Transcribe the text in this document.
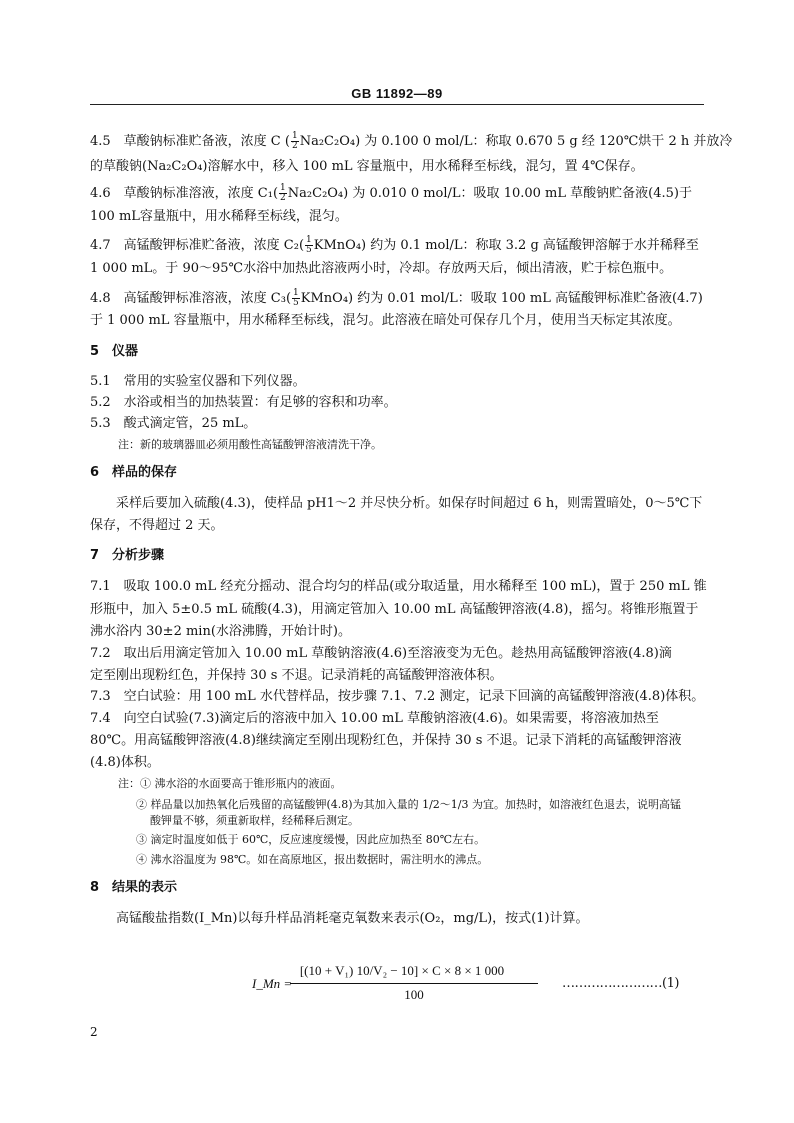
GB 11892—89
4.5　草酸钠标准贮备液，浓度 C ( $\frac{1}{2} Na_2C_2O_4$) 为 0.100 0 mol/L：称取 0.670 5 g 经 120℃烘干 2 h 并放冷
的草酸钠(Na₂C₂O₄)溶解水中，移入 100 mL 容量瓶中，用水稀释至标线，混匀，置 4℃保存。
4.6　草酸钠标准溶液，浓度 $C_1( \frac{1}{2} Na_2C_2O_4)$ 为 0.010 0 mol/L：吸取 10.00 mL 草酸钠贮备液(4.5)于
100 mL容量瓶中，用水稀释至标线，混匀。
4.7　高锰酸钾标准贮备液，浓度 $C_2( \frac{1}{5}$ KMnO₄) 约为 0.1 mol/L：称取 3.2 g 高锰酸钾溶解于水并稀释至
1 000 mL。于 90～95℃水浴中加热此溶液两小时，冷却。存放两天后，倾出清液，贮于棕色瓶中。
4.8　高锰酸钾标准溶液，浓度 $C_3( \frac{1}{5}$ KMnO₄) 约为 0.01 mol/L：吸取 100 mL 高锰酸钾标准贮备液(4.7)
于 1 000 mL 容量瓶中，用水稀释至标线，混匀。此溶液在暗处可保存几个月，使用当天标定其浓度。
5　仪器
5.1　常用的实验室仪器和下列仪器。
5.2　水浴或相当的加热装置：有足够的容积和功率。
5.3　酸式滴定管，25 mL。
注：新的玻璃器皿必须用酸性高锰酸钾溶液清洗干净。
6　样品的保存
　　采样后要加入硫酸(4.3)，使样品 pH1～2 并尽快分析。如保存时间超过 6 h，则需置暗处，0～5℃下
保存，不得超过 2 天。
7　分析步骤
7.1　吸取 100.0 mL 经充分摇动、混合均匀的样品(或分取适量，用水稀释至 100 mL)，置于 250 mL 锥
形瓶中，加入 5±0.5 mL 硫酸(4.3)，用滴定管加入 10.00 mL 高锰酸钾溶液(4.8)，摇匀。将锥形瓶置于
沸水浴内 30±2 min(水浴沸腾，开始计时)。
7.2　取出后用滴定管加入 10.00 mL 草酸钠溶液(4.6)至溶液变为无色。趁热用高锰酸钾溶液(4.8)滴
定至刚出现粉红色，并保持 30 s 不退。记录消耗的高锰酸钾溶液体积。
7.3　空白试验：用 100 mL 水代替样品，按步骤 7.1、7.2 测定，记录下回滴的高锰酸钾溶液(4.8)体积。
7.4　向空白试验(7.3)滴定后的溶液中加入 10.00 mL 草酸钠溶液(4.6)。如果需要，将溶液加热至
80℃。用高锰酸钾溶液(4.8)继续滴定至刚出现粉红色，并保持 30 s 不退。记录下消耗的高锰酸钾溶液
(4.8)体积。
注：① 沸水浴的水面要高于锥形瓶内的液面。
② 样品量以加热氧化后残留的高锰酸钾(4.8)为其加入量的 1/2～1/3 为宜。加热时，如溶液红色退去，说明高锰
酸钾量不够，须重新取样，经稀释后测定。
③ 滴定时温度如低于 60℃，反应速度缓慢，因此应加热至 80℃左右。
④ 沸水浴温度为 98℃。如在高原地区，报出数据时，需注明水的沸点。
8　结果的表示
　　高锰酸盐指数(I_Mn)以每升样品消耗毫克氧数来表示(O₂，mg/L)，按式(1)计算。
I_Mn =
[(10 + V₁) 10/V₂ − 10] × C × 8 × 1 000
100
……………………(1)
2
